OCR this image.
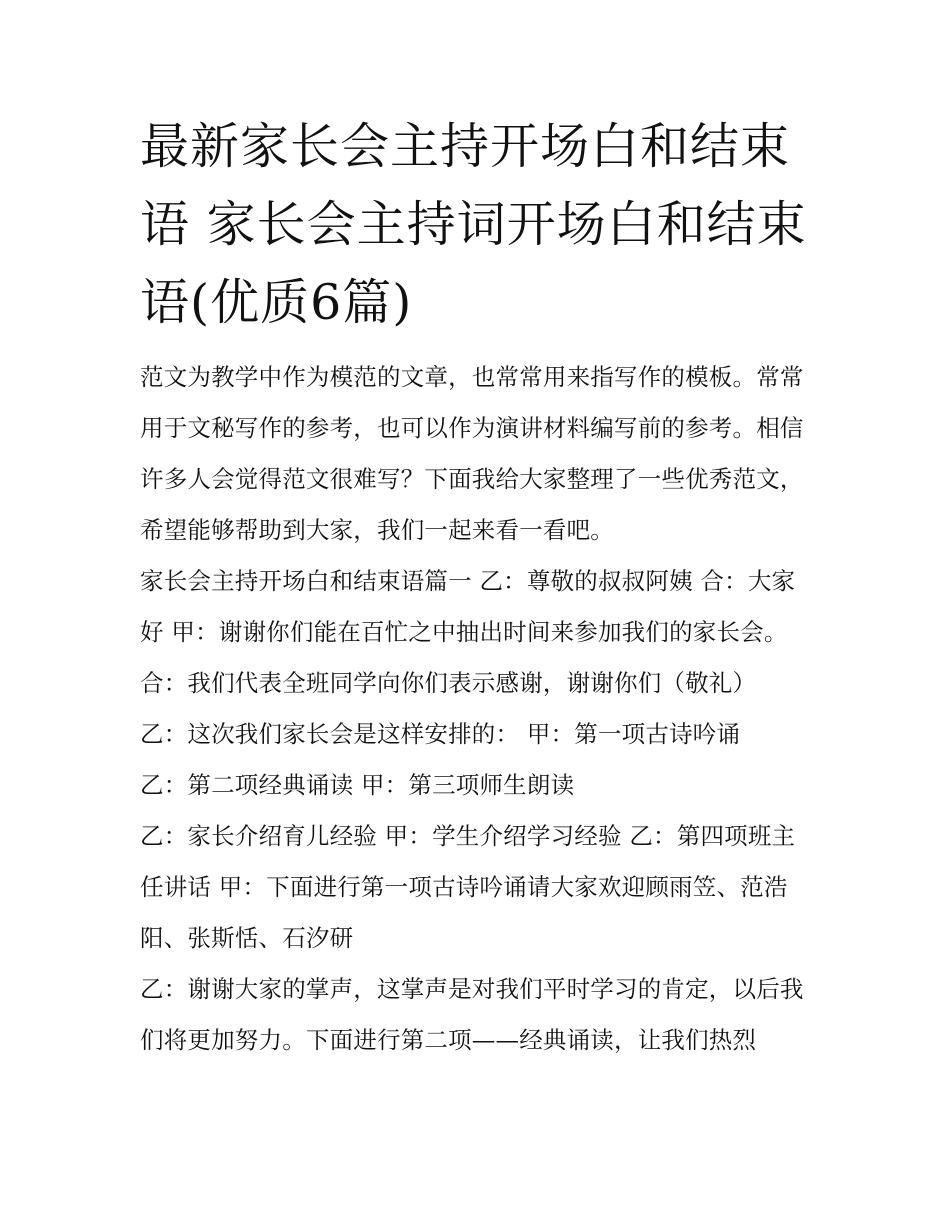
最新家长会主持开场白和结束语 家长会主持词开场白和结束语(优质6篇)

范文为教学中作为模范的文章，也常常用来指写作的模板。常常用于文秘写作的参考，也可以作为演讲材料编写前的参考。相信许多人会觉得范文很难写？下面我给大家整理了一些优秀范文，希望能够帮助到大家，我们一起来看一看吧。

家长会主持开场白和结束语篇一 乙：尊敬的叔叔阿姨 合：大家好 甲：谢谢你们能在百忙之中抽出时间来参加我们的家长会。

合：我们代表全班同学向你们表示感谢，谢谢你们（敬礼）

乙：这次我们家长会是这样安排的： 甲：第一项古诗吟诵

乙：第二项经典诵读 甲：第三项师生朗读

乙：家长介绍育儿经验 甲：学生介绍学习经验 乙：第四项班主任讲话 甲：下面进行第一项古诗吟诵请大家欢迎顾雨笠、范浩阳、张斯恬、石汐研

乙：谢谢大家的掌声，这掌声是对我们平时学习的肯定，以后我们将更加努力。下面进行第二项——经典诵读，让我们热烈
